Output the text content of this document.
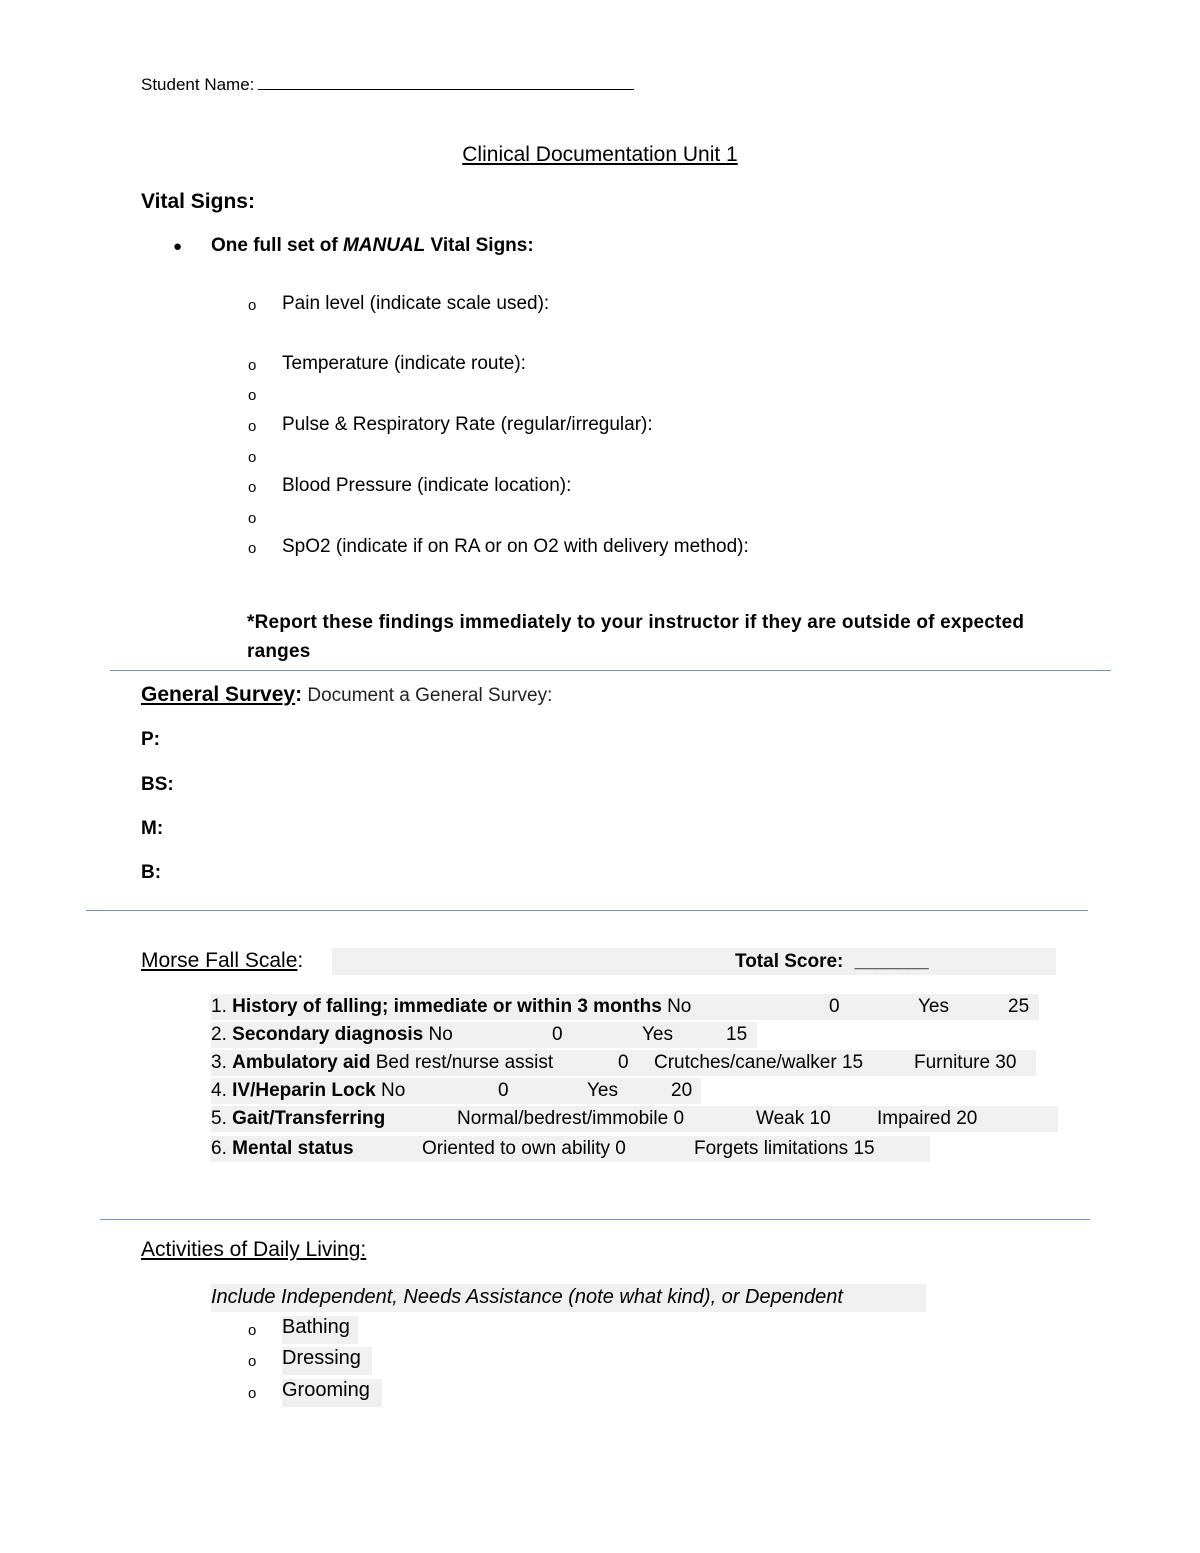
Student Name:
Clinical Documentation Unit 1
Vital Signs:
● One full set of MANUAL Vital Signs:
o Pain level (indicate scale used):
o Temperature (indicate route):
o
o Pulse & Respiratory Rate (regular/irregular):
o
o Blood Pressure (indicate location):
o
o SpO2 (indicate if on RA or on O2 with delivery method):
*Report these findings immediately to your instructor if they are outside of expected ranges
General Survey: Document a General Survey:
P:
BS:
M:
B:
Morse Fall Scale:	Total Score: _______
1. History of falling; immediate or within 3 months No	0	Yes	25
2. Secondary diagnosis No	0	Yes	15
3. Ambulatory aid Bed rest/nurse assist	0 Crutches/cane/walker 15	Furniture 30
4. IV/Heparin Lock No	0	Yes	20
5. Gait/Transferring	Normal/bedrest/immobile 0	Weak 10 Impaired 20
6. Mental status	Oriented to own ability 0	Forgets limitations 15
Activities of Daily Living:
Include Independent, Needs Assistance (note what kind), or Dependent
o Bathing
o Dressing
o Grooming
